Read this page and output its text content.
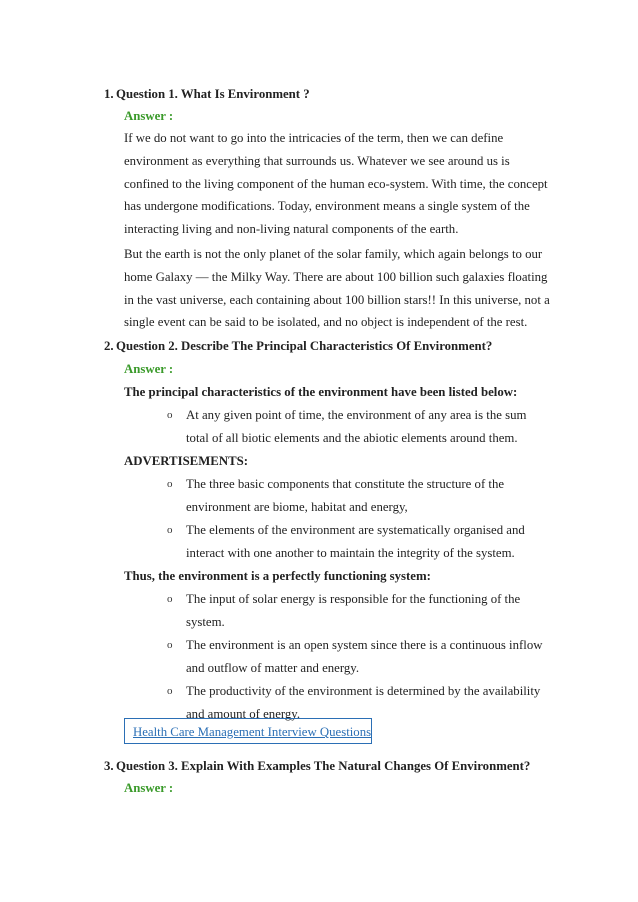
1. Question 1. What Is Environment ?
Answer :
If we do not want to go into the intricacies of the term, then we can define
environment as everything that surrounds us. Whatever we see around us is
confined to the living component of the human eco-system. With time, the concept
has undergone modifications. Today, environment means a single system of the
interacting living and non-living natural components of the earth.
But the earth is not the only planet of the solar family, which again belongs to our
home Galaxy — the Milky Way. There are about 100 billion such galaxies floating
in the vast universe, each containing about 100 billion stars!! In this universe, not a
single event can be said to be isolated, and no object is independent of the rest.
2. Question 2. Describe The Principal Characteristics Of Environment?
Answer :
The principal characteristics of the environment have been listed below:
o At any given point of time, the environment of any area is the sum
total of all biotic elements and the abiotic elements around them.
ADVERTISEMENTS:
o The three basic components that constitute the structure of the
environment are biome, habitat and energy,
o The elements of the environment are systematically organised and
interact with one another to maintain the integrity of the system.
Thus, the environment is a perfectly functioning system:
o The input of solar energy is responsible for the functioning of the
system.
o The environment is an open system since there is a continuous inflow
and outflow of matter and energy.
o The productivity of the environment is determined by the availability
and amount of energy.
Health Care Management Interview Questions
3. Question 3. Explain With Examples The Natural Changes Of Environment?
Answer :
